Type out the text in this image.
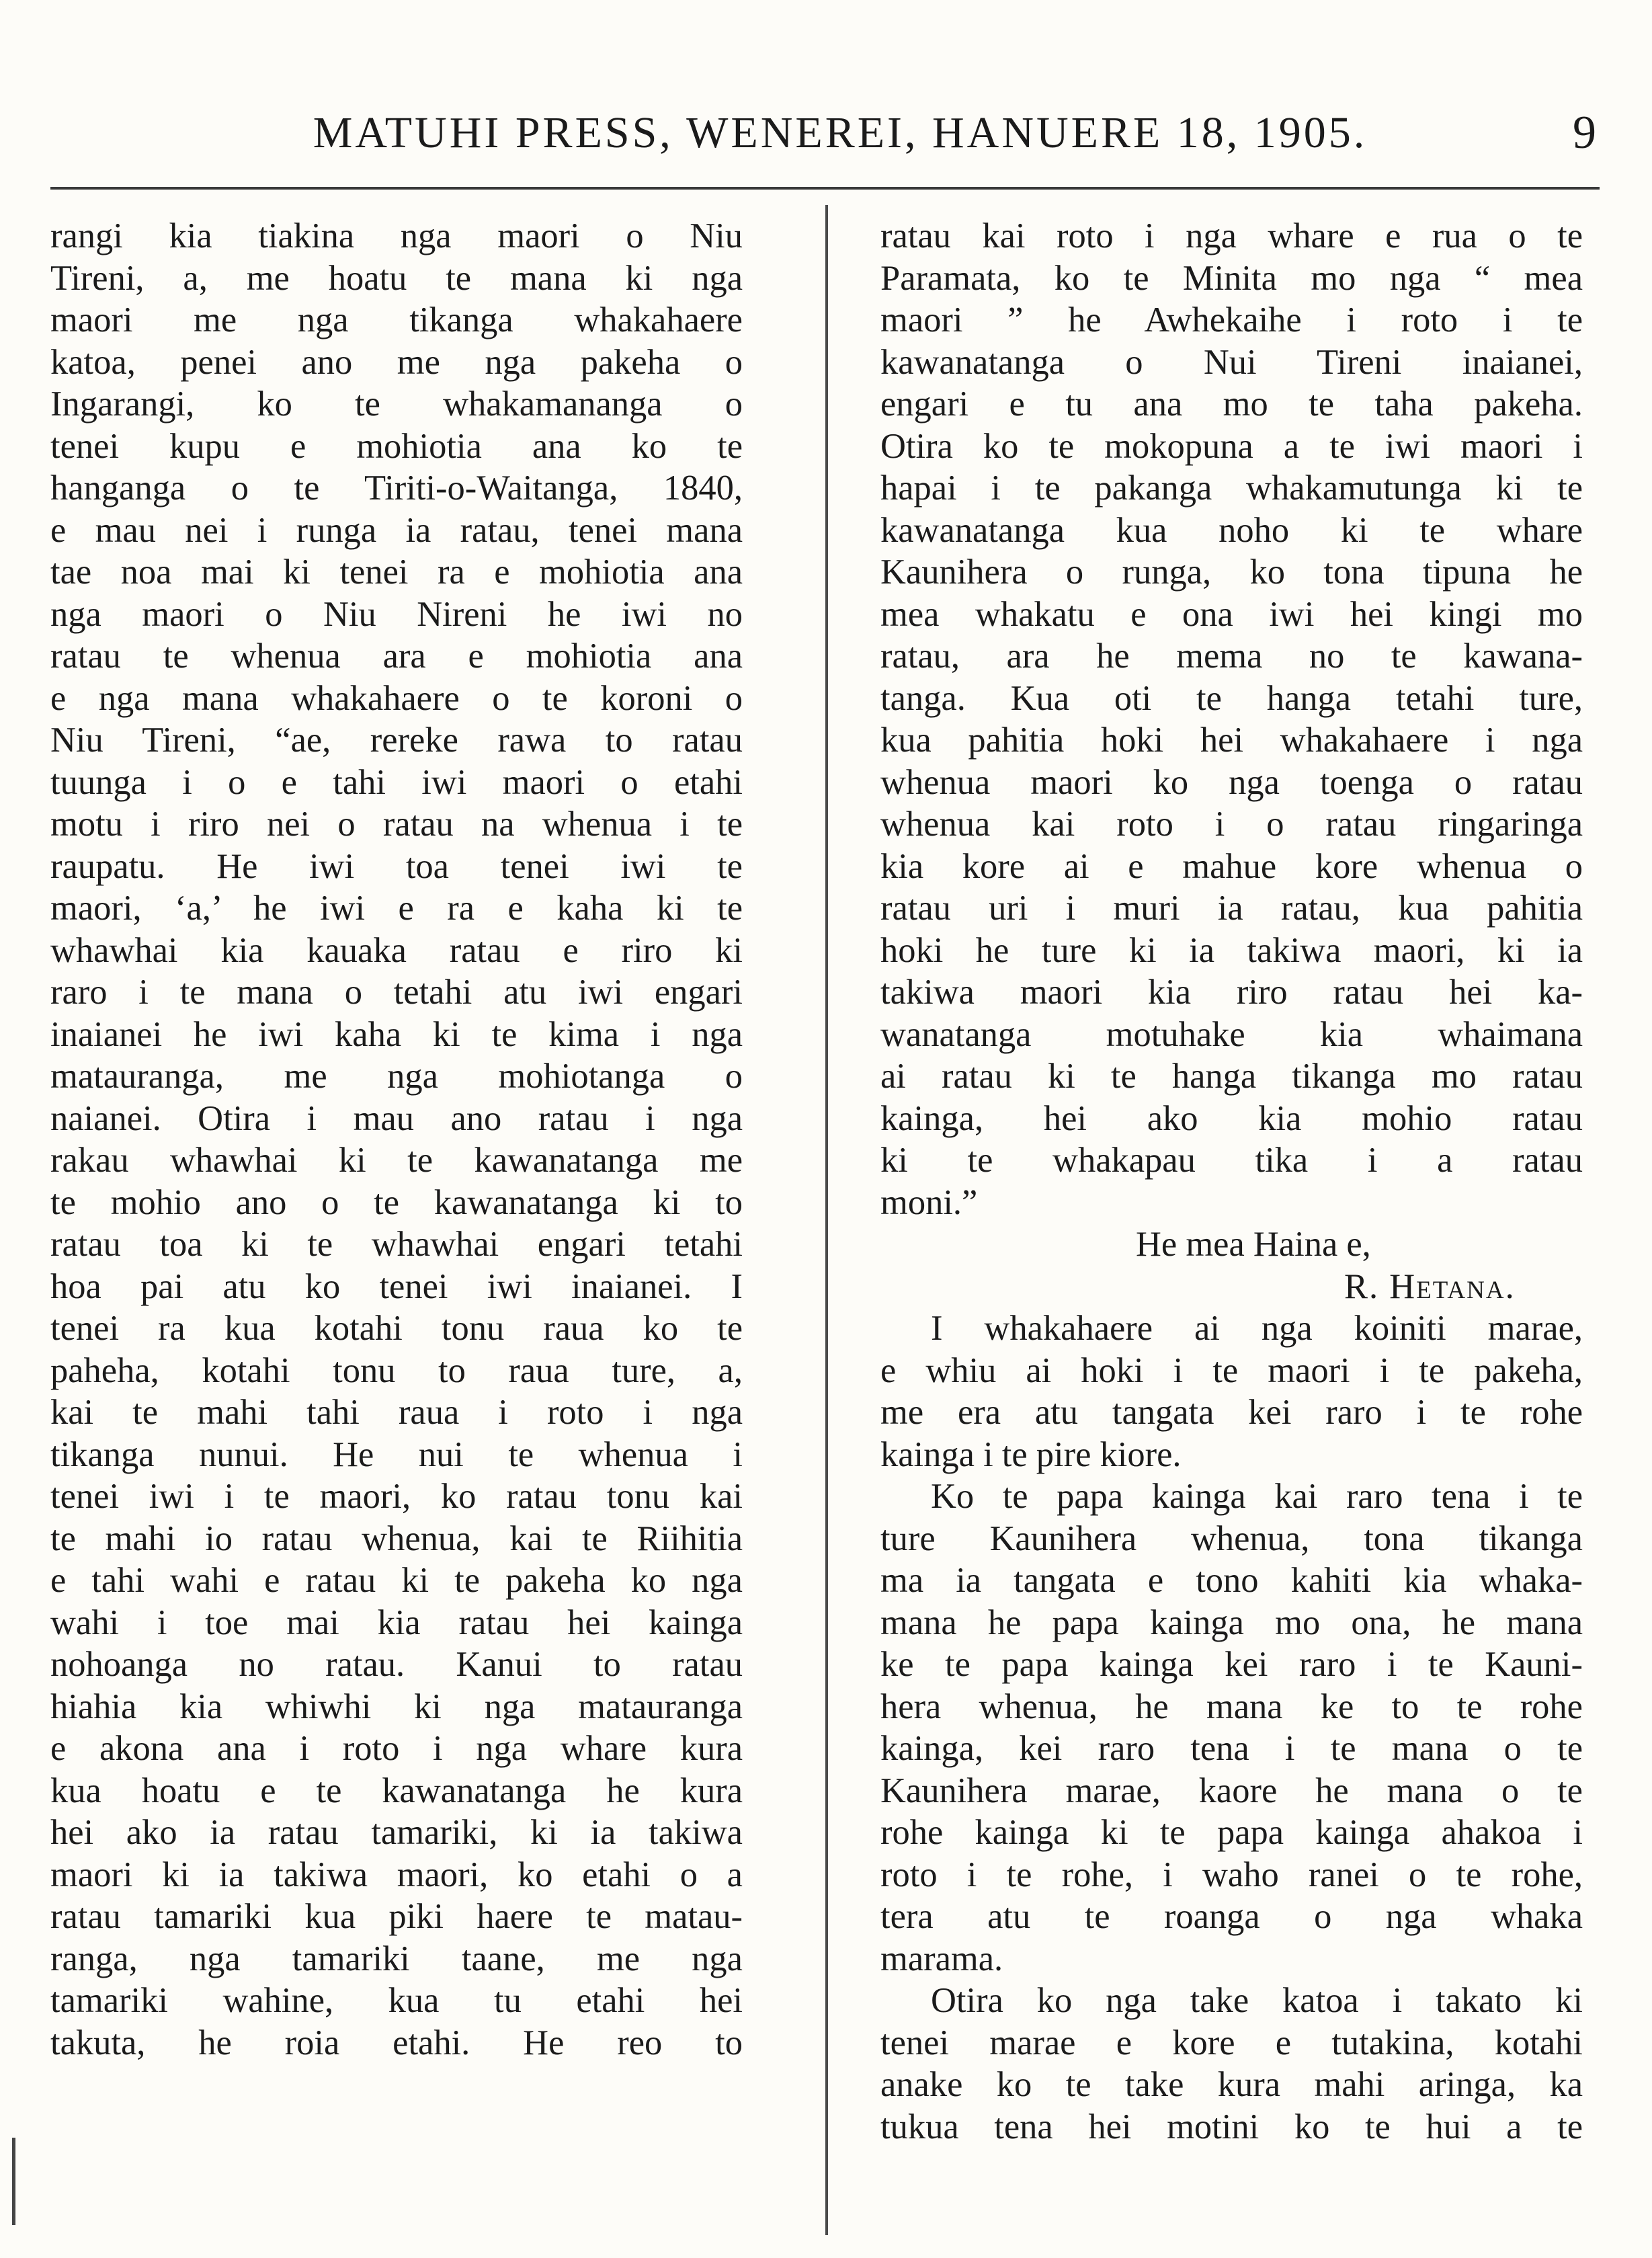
MATUHI PRESS, WENEREI, HANUERE 18, 1905.	9
rangi kia tiakina nga maori o Niu
Tireni, a, me hoatu te mana ki nga
maori me nga tikanga whakahaere
katoa, penei ano me nga pakeha o
Ingarangi, ko te whakamananga o
tenei kupu e mohiotia ana ko te
hanganga o te Tiriti-o-Waitanga, 1840,
e mau nei i runga ia ratau, tenei mana
tae noa mai ki tenei ra e mohiotia ana
nga maori o Niu Nireni he iwi no
ratau te whenua ara e mohiotia ana
e nga mana whakahaere o te koroni o
Niu Tireni, “ae, rereke rawa to ratau
tuunga i o e tahi iwi maori o etahi
motu i riro nei o ratau na whenua i te
raupatu. He iwi toa tenei iwi te
maori, ‘a,’ he iwi e ra e kaha ki te
whawhai kia kauaka ratau e riro ki
raro i te mana o tetahi atu iwi engari
inaianei he iwi kaha ki te kima i nga
matauranga, me nga mohiotanga o
naianei. Otira i mau ano ratau i nga
rakau whawhai ki te kawanatanga me
te mohio ano o te kawanatanga ki to
ratau toa ki te whawhai engari tetahi
hoa pai atu ko tenei iwi inaianei. I
tenei ra kua kotahi tonu raua ko te
paheha, kotahi tonu to raua ture, a,
kai te mahi tahi raua i roto i nga
tikanga nunui. He nui te whenua i
tenei iwi i te maori, ko ratau tonu kai
te mahi io ratau whenua, kai te Riihitia
e tahi wahi e ratau ki te pakeha ko nga
wahi i toe mai kia ratau hei kainga
nohoanga no ratau. Kanui to ratau
hiahia kia whiwhi ki nga matauranga
e akona ana i roto i nga whare kura
kua hoatu e te kawanatanga he kura
hei ako ia ratau tamariki, ki ia takiwa
maori ki ia takiwa maori, ko etahi o a
ratau tamariki kua piki haere te matau-
ranga, nga tamariki taane, me nga
tamariki wahine, kua tu etahi hei
takuta, he roia etahi. He reo to
ratau kai roto i nga whare e rua o te
Paramata, ko te Minita mo nga “ mea
maori ” he Awhekaihe i roto i te
kawanatanga o Nui Tireni inaianei,
engari e tu ana mo te taha pakeha.
Otira ko te mokopuna a te iwi maori i
hapai i te pakanga whakamutunga ki te
kawanatanga kua noho ki te whare
Kaunihera o runga, ko tona tipuna he
mea whakatu e ona iwi hei kingi mo
ratau, ara he mema no te kawana-
tanga. Kua oti te hanga tetahi ture,
kua pahitia hoki hei whakahaere i nga
whenua maori ko nga toenga o ratau
whenua kai roto i o ratau ringaringa
kia kore ai e mahue kore whenua o
ratau uri i muri ia ratau, kua pahitia
hoki he ture ki ia takiwa maori, ki ia
takiwa maori kia riro ratau hei ka-
wanatanga motuhake kia whaimana
ai ratau ki te hanga tikanga mo ratau
kainga, hei ako kia mohio ratau
ki te whakapau tika i a ratau
moni.”
He mea Haina e,
R. Hetana.
I whakahaere ai nga koiniti marae,
e whiu ai hoki i te maori i te pakeha,
me era atu tangata kei raro i te rohe
kainga i te pire kiore.
Ko te papa kainga kai raro tena i te
ture Kaunihera whenua, tona tikanga
ma ia tangata e tono kahiti kia whaka-
mana he papa kainga mo ona, he mana
ke te papa kainga kei raro i te Kauni-
hera whenua, he mana ke to te rohe
kainga, kei raro tena i te mana o te
Kaunihera marae, kaore he mana o te
rohe kainga ki te papa kainga ahakoa i
roto i te rohe, i waho ranei o te rohe,
tera atu te roanga o nga whaka
marama.
Otira ko nga take katoa i takato ki
tenei marae e kore e tutakina, kotahi
anake ko te take kura mahi aringa, ka
tukua tena hei motini ko te hui a te
